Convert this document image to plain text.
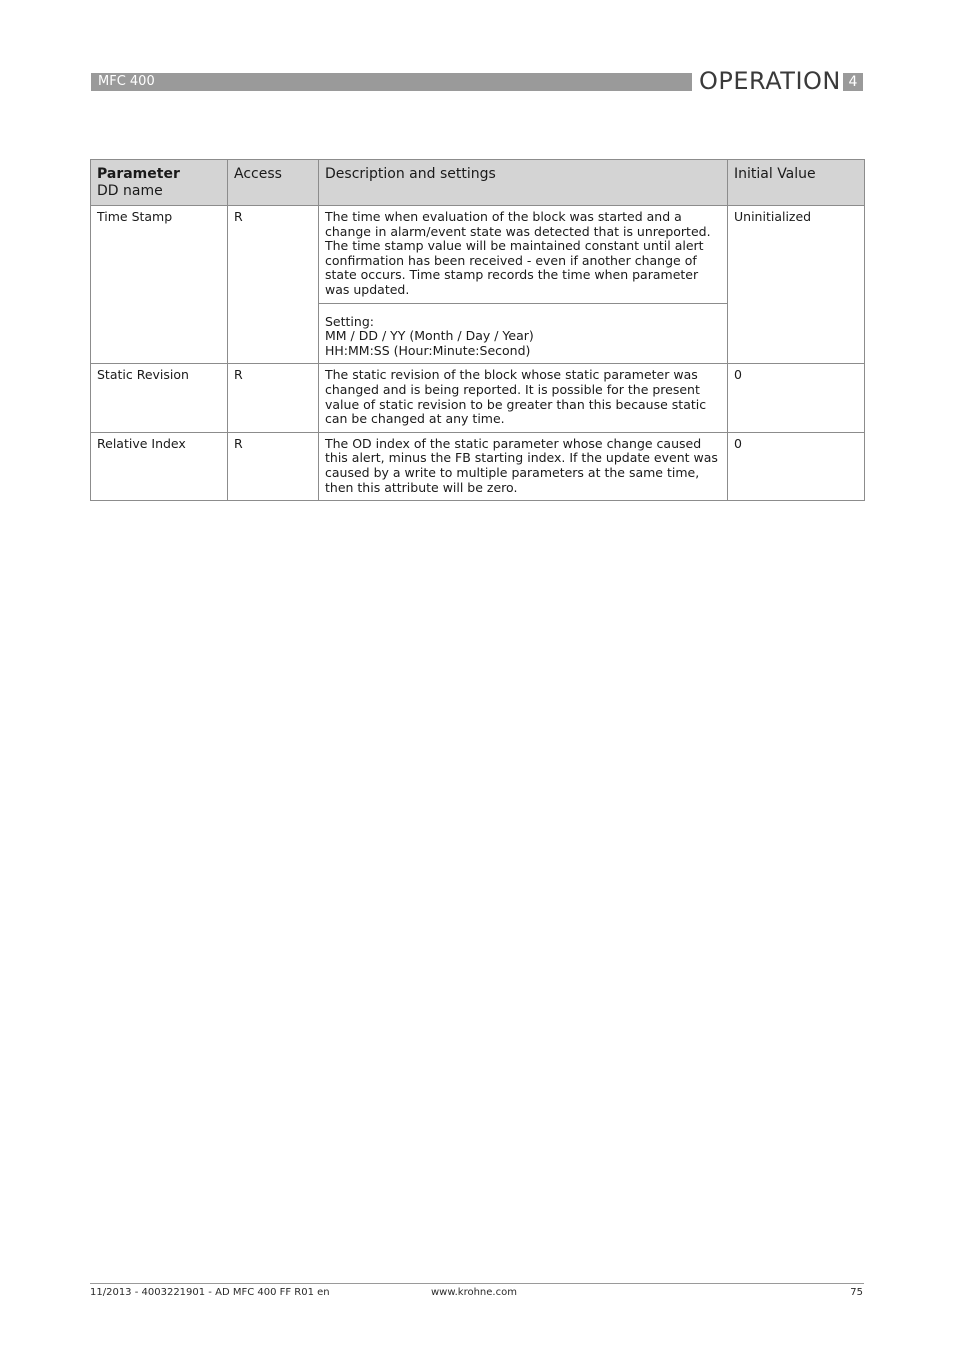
MFC 400	OPERATION 4
Parameter
DD name	Access	Description and settings	Initial Value
Time Stamp	R	The time when evaluation of the block was started and a change in alarm/event state was detected that is unreported. The time stamp value will be maintained constant until alert confirmation has been received - even if another change of state occurs. Time stamp records the time when parameter was updated.	Uninitialized

		Setting:
MM / DD / YY (Month / Day / Year)
HH:MM:SS (Hour:Minute:Second)	

Static Revision	R	The static revision of the block whose static parameter was changed and is being reported. It is possible for the present value of static revision to be greater than this because static can be changed at any time.	0
Relative Index	R	The OD index of the static parameter whose change caused this alert, minus the FB starting index. If the update event was caused by a write to multiple parameters at the same time, then this attribute will be zero.	0
11/2013 - 4003221901 - AD MFC 400 FF R01 en	www.krohne.com	75
